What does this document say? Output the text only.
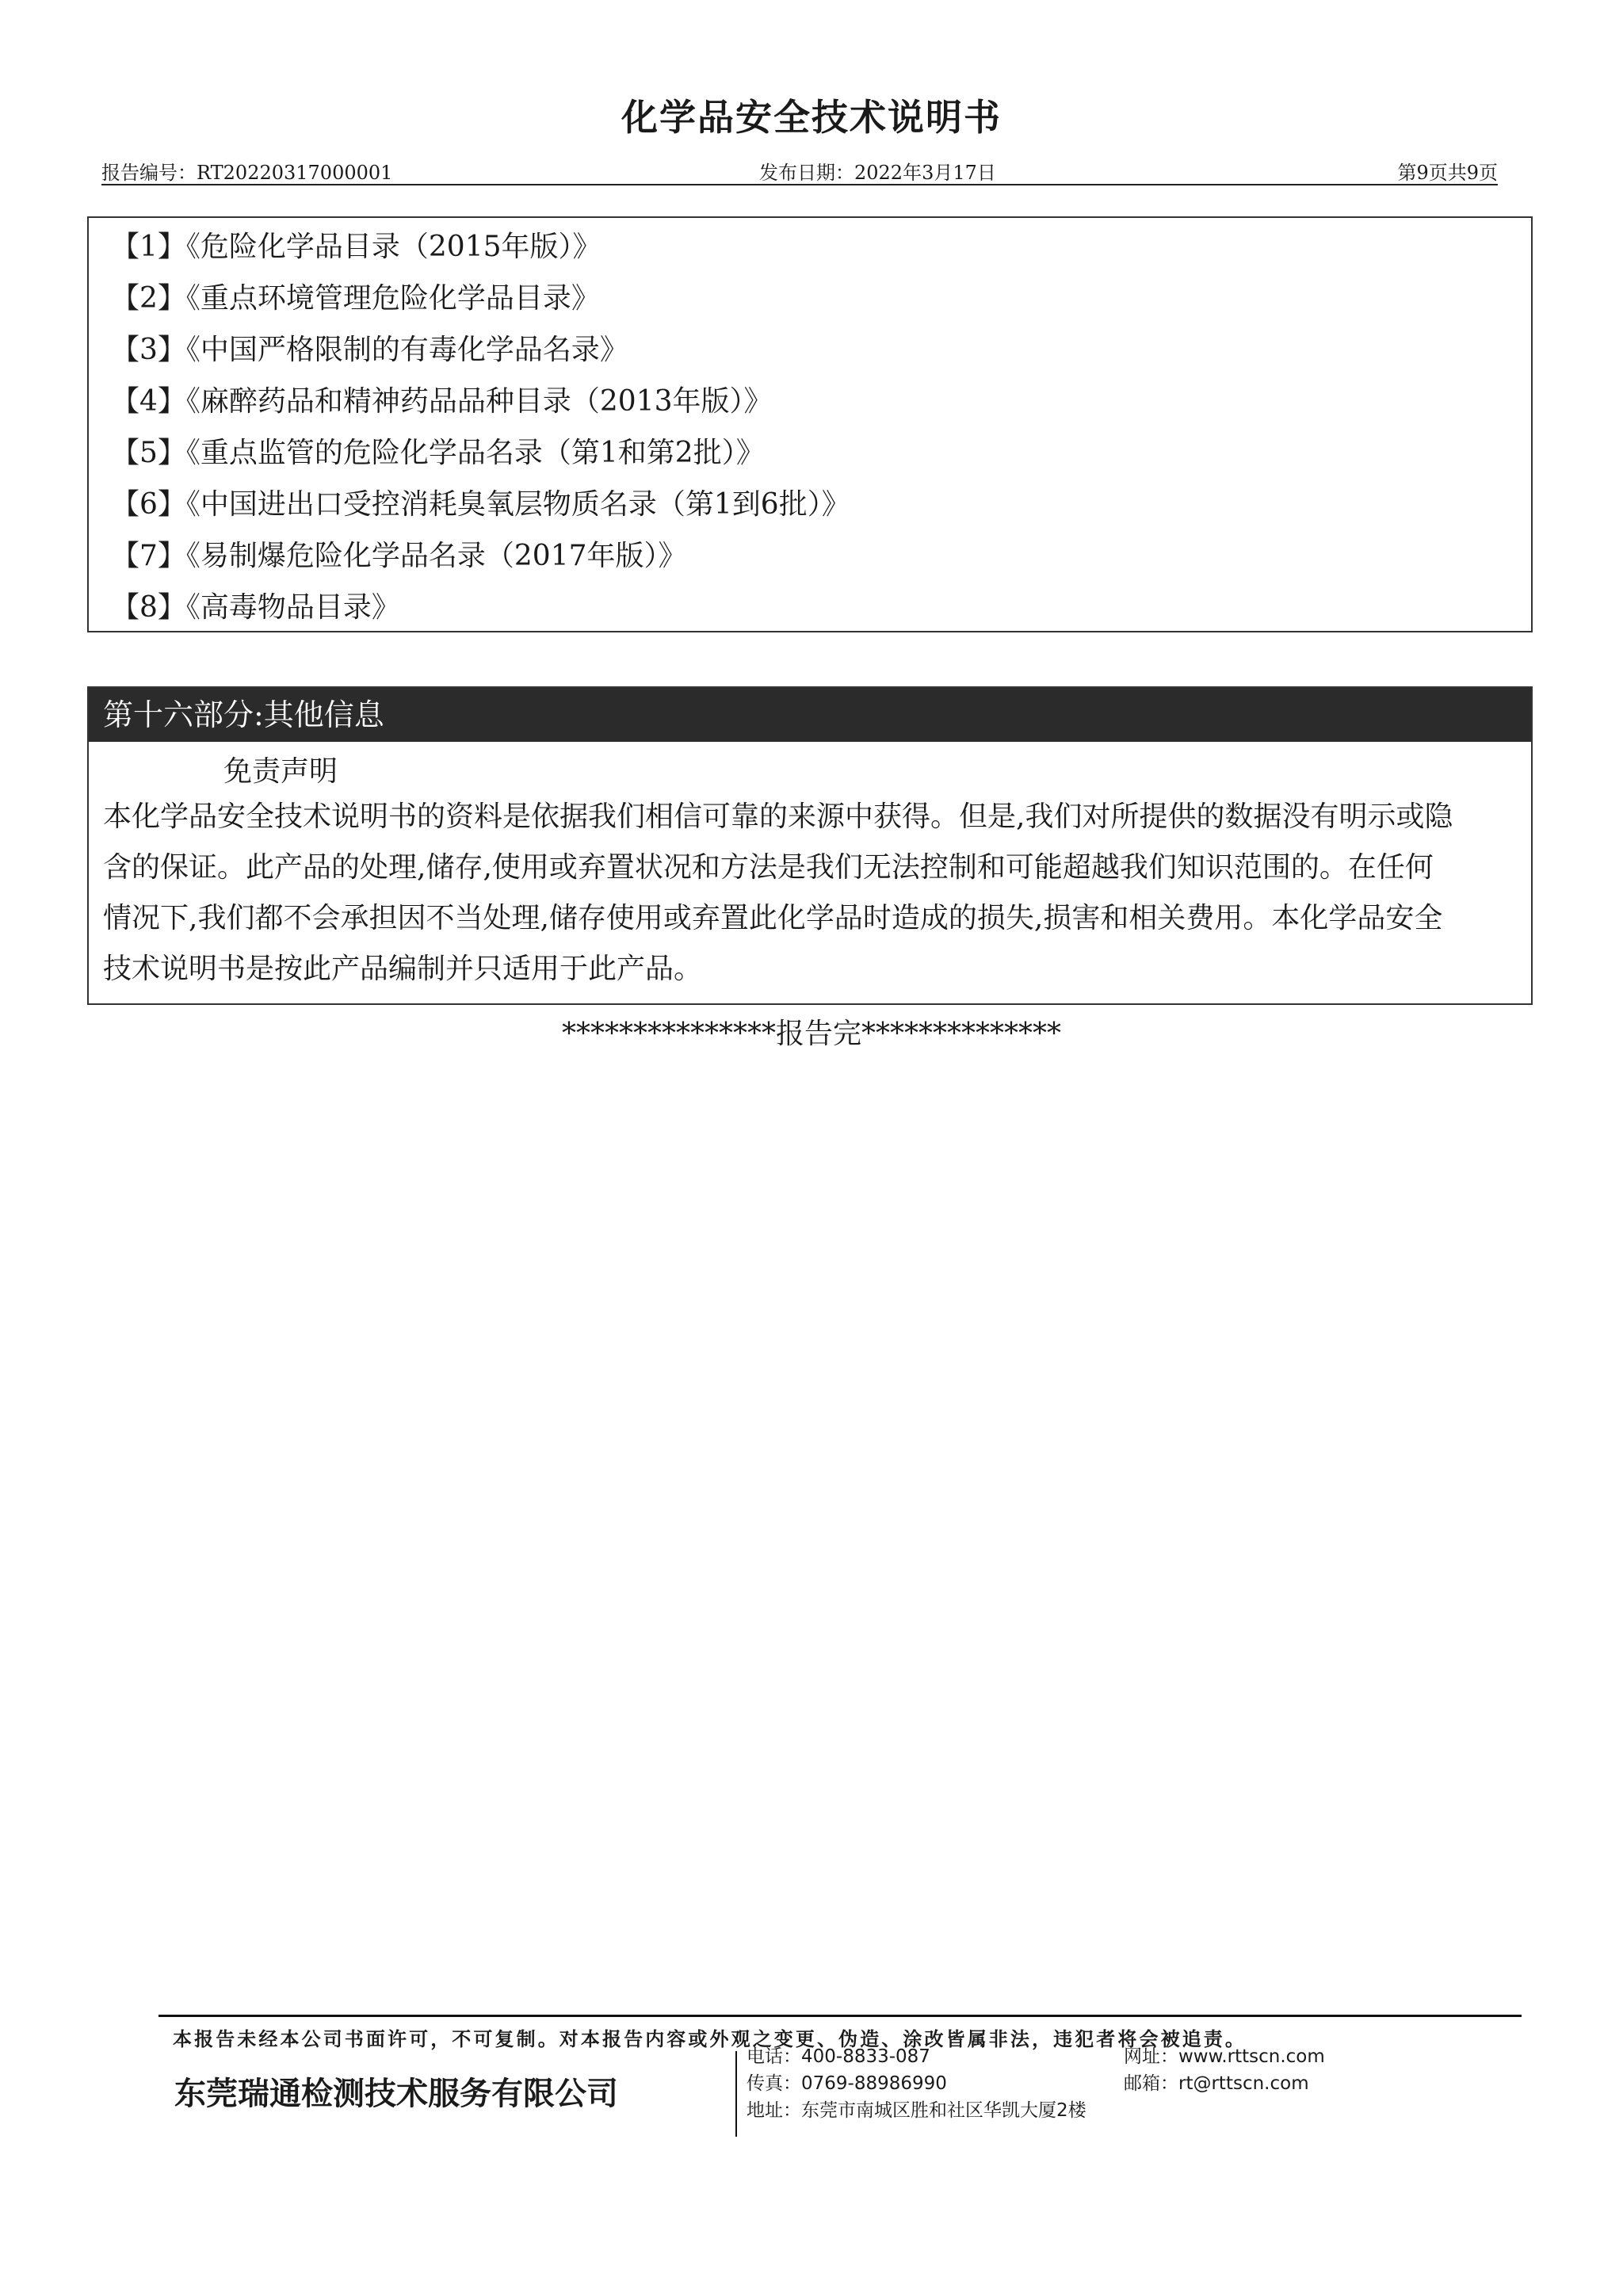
化学品安全技术说明书
报告编号：RT20220317000001	发布日期：2022年3月17日	第9页共9页
【1】《危险化学品目录（2015年版）》
【2】《重点环境管理危险化学品目录》
【3】《中国严格限制的有毒化学品名录》
【4】《麻醉药品和精神药品品种目录（2013年版）》
【5】《重点监管的危险化学品名录（第1和第2批）》
【6】《中国进出口受控消耗臭氧层物质名录（第1到6批）》
【7】《易制爆危险化学品名录（2017年版）》
【8】《高毒物品目录》
第十六部分:其他信息
免责声明
本化学品安全技术说明书的资料是依据我们相信可靠的来源中获得。但是,我们对所提供的数据没有明示或隐
含的保证。此产品的处理,储存,使用或弃置状况和方法是我们无法控制和可能超越我们知识范围的。在任何
情况下,我们都不会承担因不当处理,储存使用或弃置此化学品时造成的损失,损害和相关费用。本化学品安全
技术说明书是按此产品编制并只适用于此产品。
***************报告完**************
本报告未经本公司书面许可，不可复制。对本报告内容或外观之变更、伪造、涂改皆属非法，违犯者将会被追责。
东莞瑞通检测技术服务有限公司
电话：400-8833-087
传真：0769-88986990
地址：东莞市南城区胜和社区华凯大厦2楼
网址：www.rttscn.com
邮箱：rt@rttscn.com
